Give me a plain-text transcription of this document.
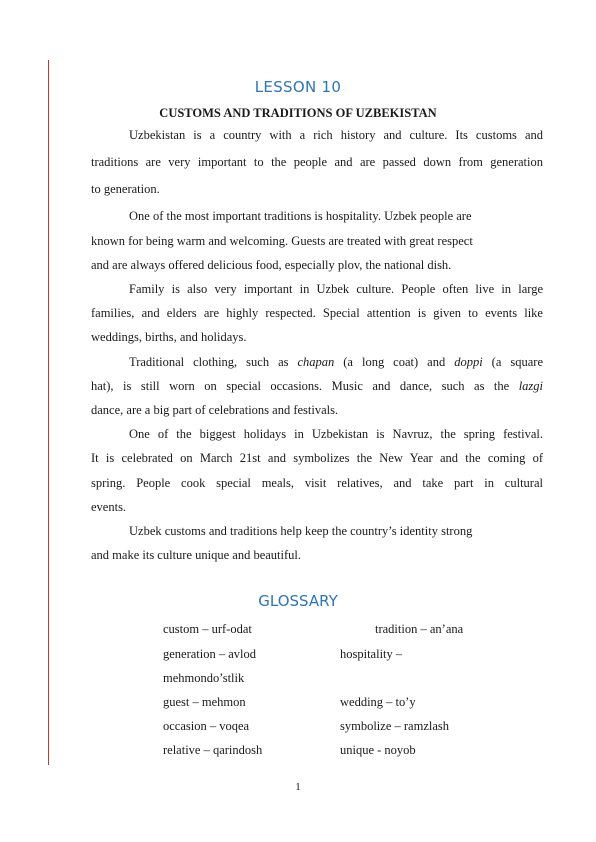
LESSON 10
CUSTOMS AND TRADITIONS OF UZBEKISTAN
Uzbekistan is a country with a rich history and culture. Its customs and
traditions are very important to the people and are passed down from generation
to generation.
One of the most important traditions is hospitality. Uzbek people are
known for being warm and welcoming. Guests are treated with great respect
and are always offered delicious food, especially plov, the national dish.
Family is also very important in Uzbek culture. People often live in large
families, and elders are highly respected. Special attention is given to events like
weddings, births, and holidays.
Traditional clothing, such as chapan (a long coat) and doppi (a square
hat), is still worn on special occasions. Music and dance, such as the lazgi
dance, are a big part of celebrations and festivals.
One of the biggest holidays in Uzbekistan is Navruz, the spring festival.
It is celebrated on March 21st and symbolizes the New Year and the coming of
spring. People cook special meals, visit relatives, and take part in cultural
events.
Uzbek customs and traditions help keep the country’s identity strong
and make its culture unique and beautiful.
GLOSSARY
custom – urf-odat	tradition – an’ana
generation – avlod	hospitality –
mehmondo’stlik
guest – mehmon	wedding – to’y
occasion – voqea	symbolize – ramzlash
relative – qarindosh	unique - noyob
1
